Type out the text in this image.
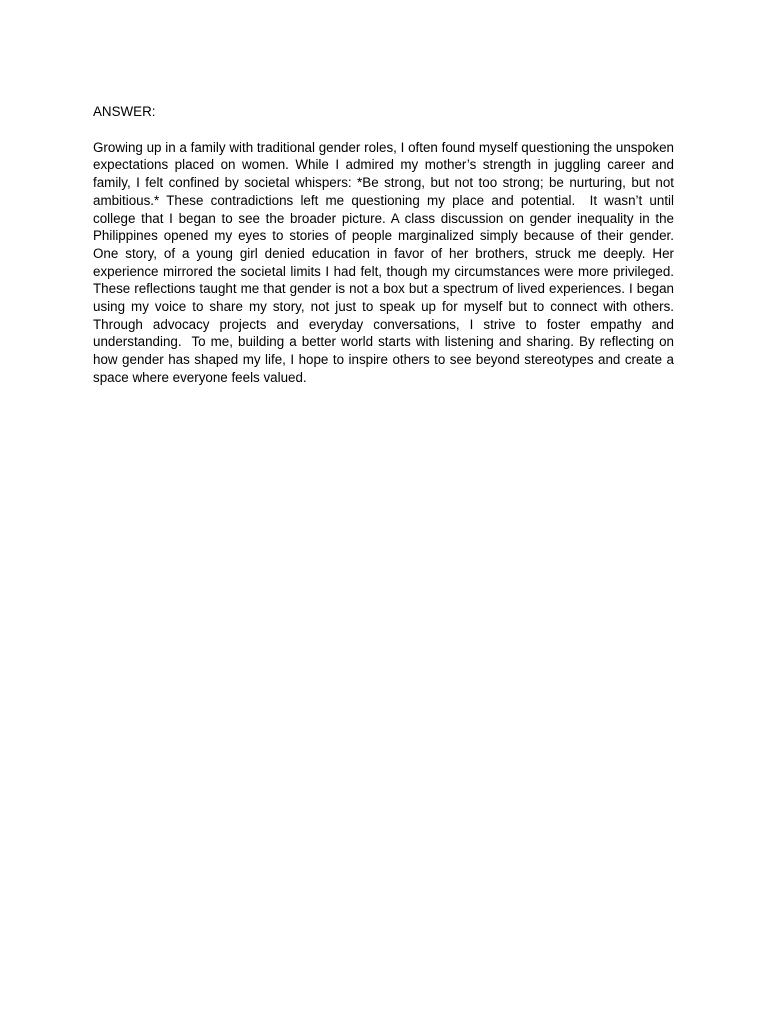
ANSWER:

Growing up in a family with traditional gender roles, I often found myself questioning the unspoken expectations placed on women. While I admired my mother’s strength in juggling career and family, I felt confined by societal whispers: *Be strong, but not too strong; be nurturing, but not ambitious.* These contradictions left me questioning my place and potential.  It wasn’t until college that I began to see the broader picture. A class discussion on gender inequality in the Philippines opened my eyes to stories of people marginalized simply because of their gender. One story, of a young girl denied education in favor of her brothers, struck me deeply. Her experience mirrored the societal limits I had felt, though my circumstances were more privileged. These reflections taught me that gender is not a box but a spectrum of lived experiences. I began using my voice to share my story, not just to speak up for myself but to connect with others. Through advocacy projects and everyday conversations, I strive to foster empathy and understanding.  To me, building a better world starts with listening and sharing. By reflecting on how gender has shaped my life, I hope to inspire others to see beyond stereotypes and create a space where everyone feels valued.
